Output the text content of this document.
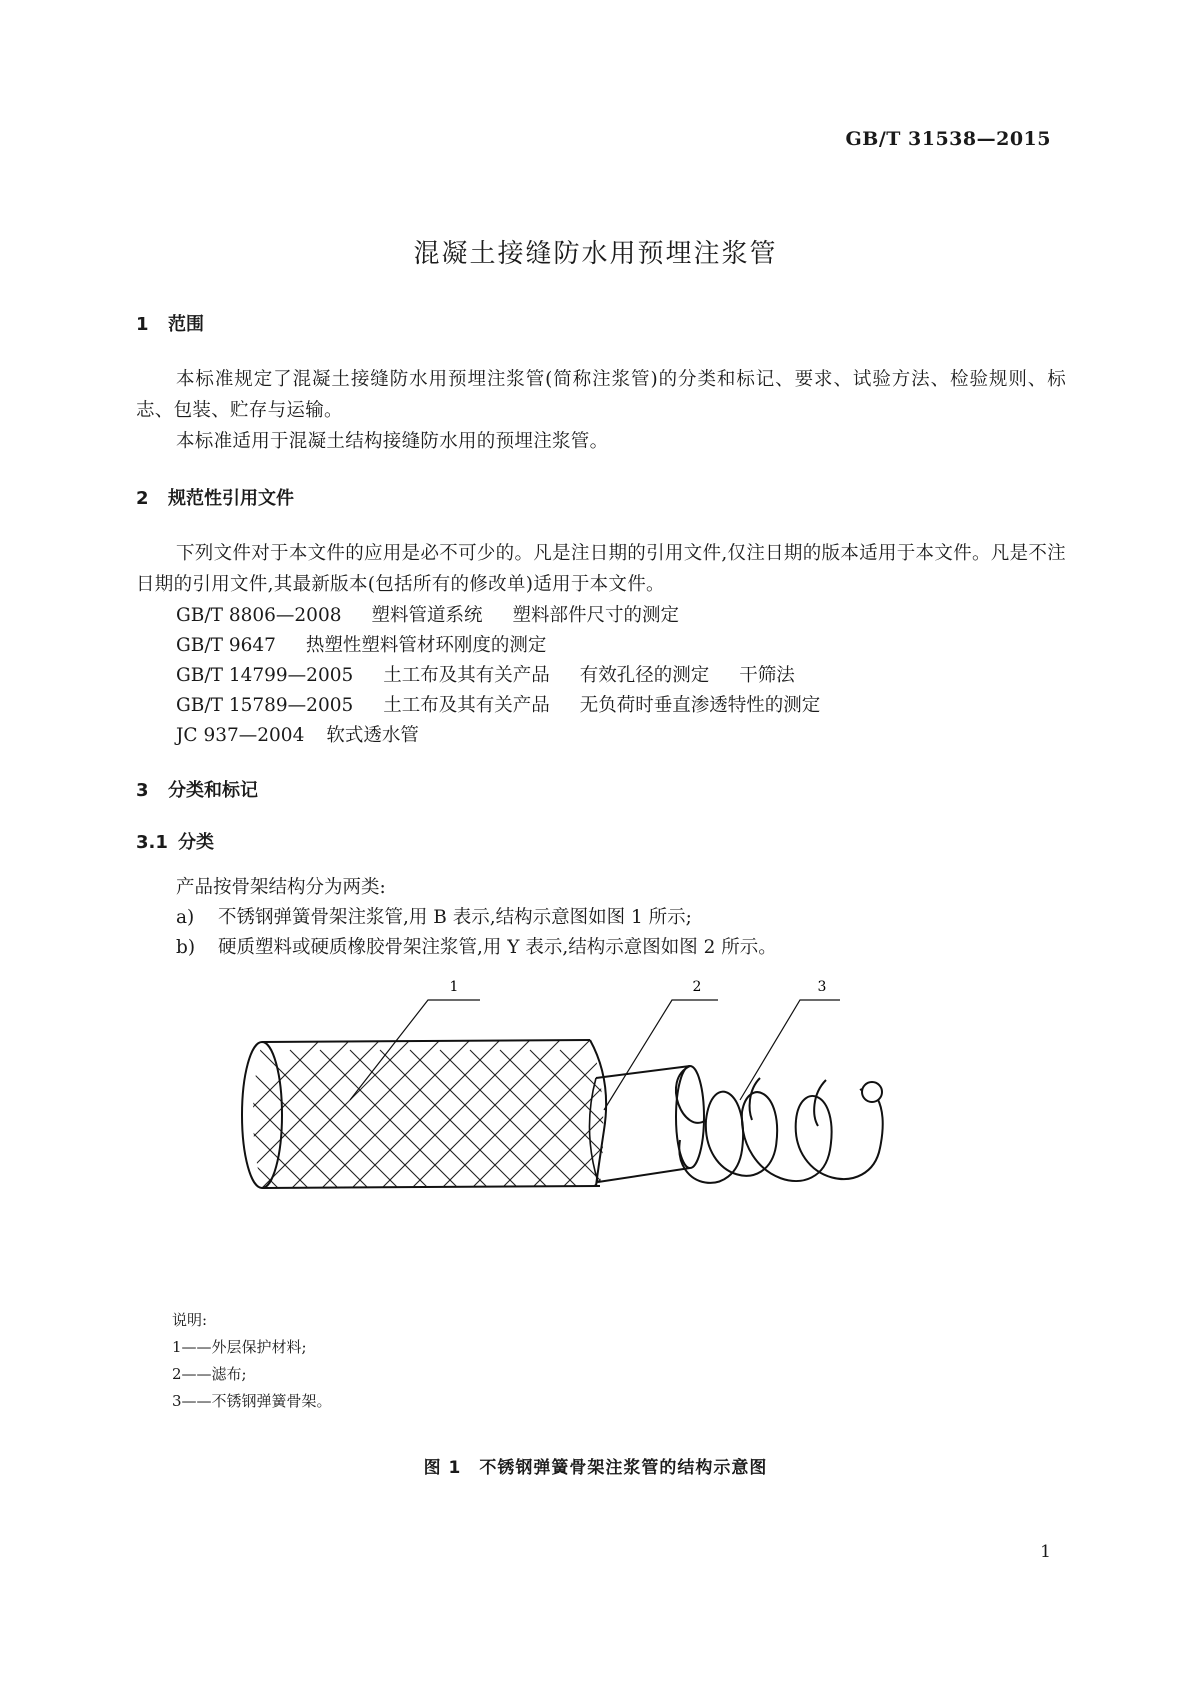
GB/T 31538—2015
混凝土接缝防水用预埋注浆管
1 范围
本标准规定了混凝土接缝防水用预埋注浆管(简称注浆管)的分类和标记、要求、试验方法、检验规则、标志、包装、贮存与运输。
本标准适用于混凝土结构接缝防水用的预埋注浆管。
2 规范性引用文件
下列文件对于本文件的应用是必不可少的。凡是注日期的引用文件,仅注日期的版本适用于本文件。凡是不注日期的引用文件,其最新版本(包括所有的修改单)适用于本文件。
GB/T 8806—2008 塑料管道系统 塑料部件尺寸的测定
GB/T 9647 热塑性塑料管材环刚度的测定
GB/T 14799—2005 土工布及其有关产品 有效孔径的测定 干筛法
GB/T 15789—2005 土工布及其有关产品 无负荷时垂直渗透特性的测定
JC 937—2004 软式透水管
3 分类和标记
3.1 分类
产品按骨架结构分为两类:
a) 不锈钢弹簧骨架注浆管,用 B 表示,结构示意图如图 1 所示;
b) 硬质塑料或硬质橡胶骨架注浆管,用 Y 表示,结构示意图如图 2 所示。
1	2	3
说明:
1——外层保护材料;
2——滤布;
3——不锈钢弹簧骨架。
图 1 不锈钢弹簧骨架注浆管的结构示意图
1
